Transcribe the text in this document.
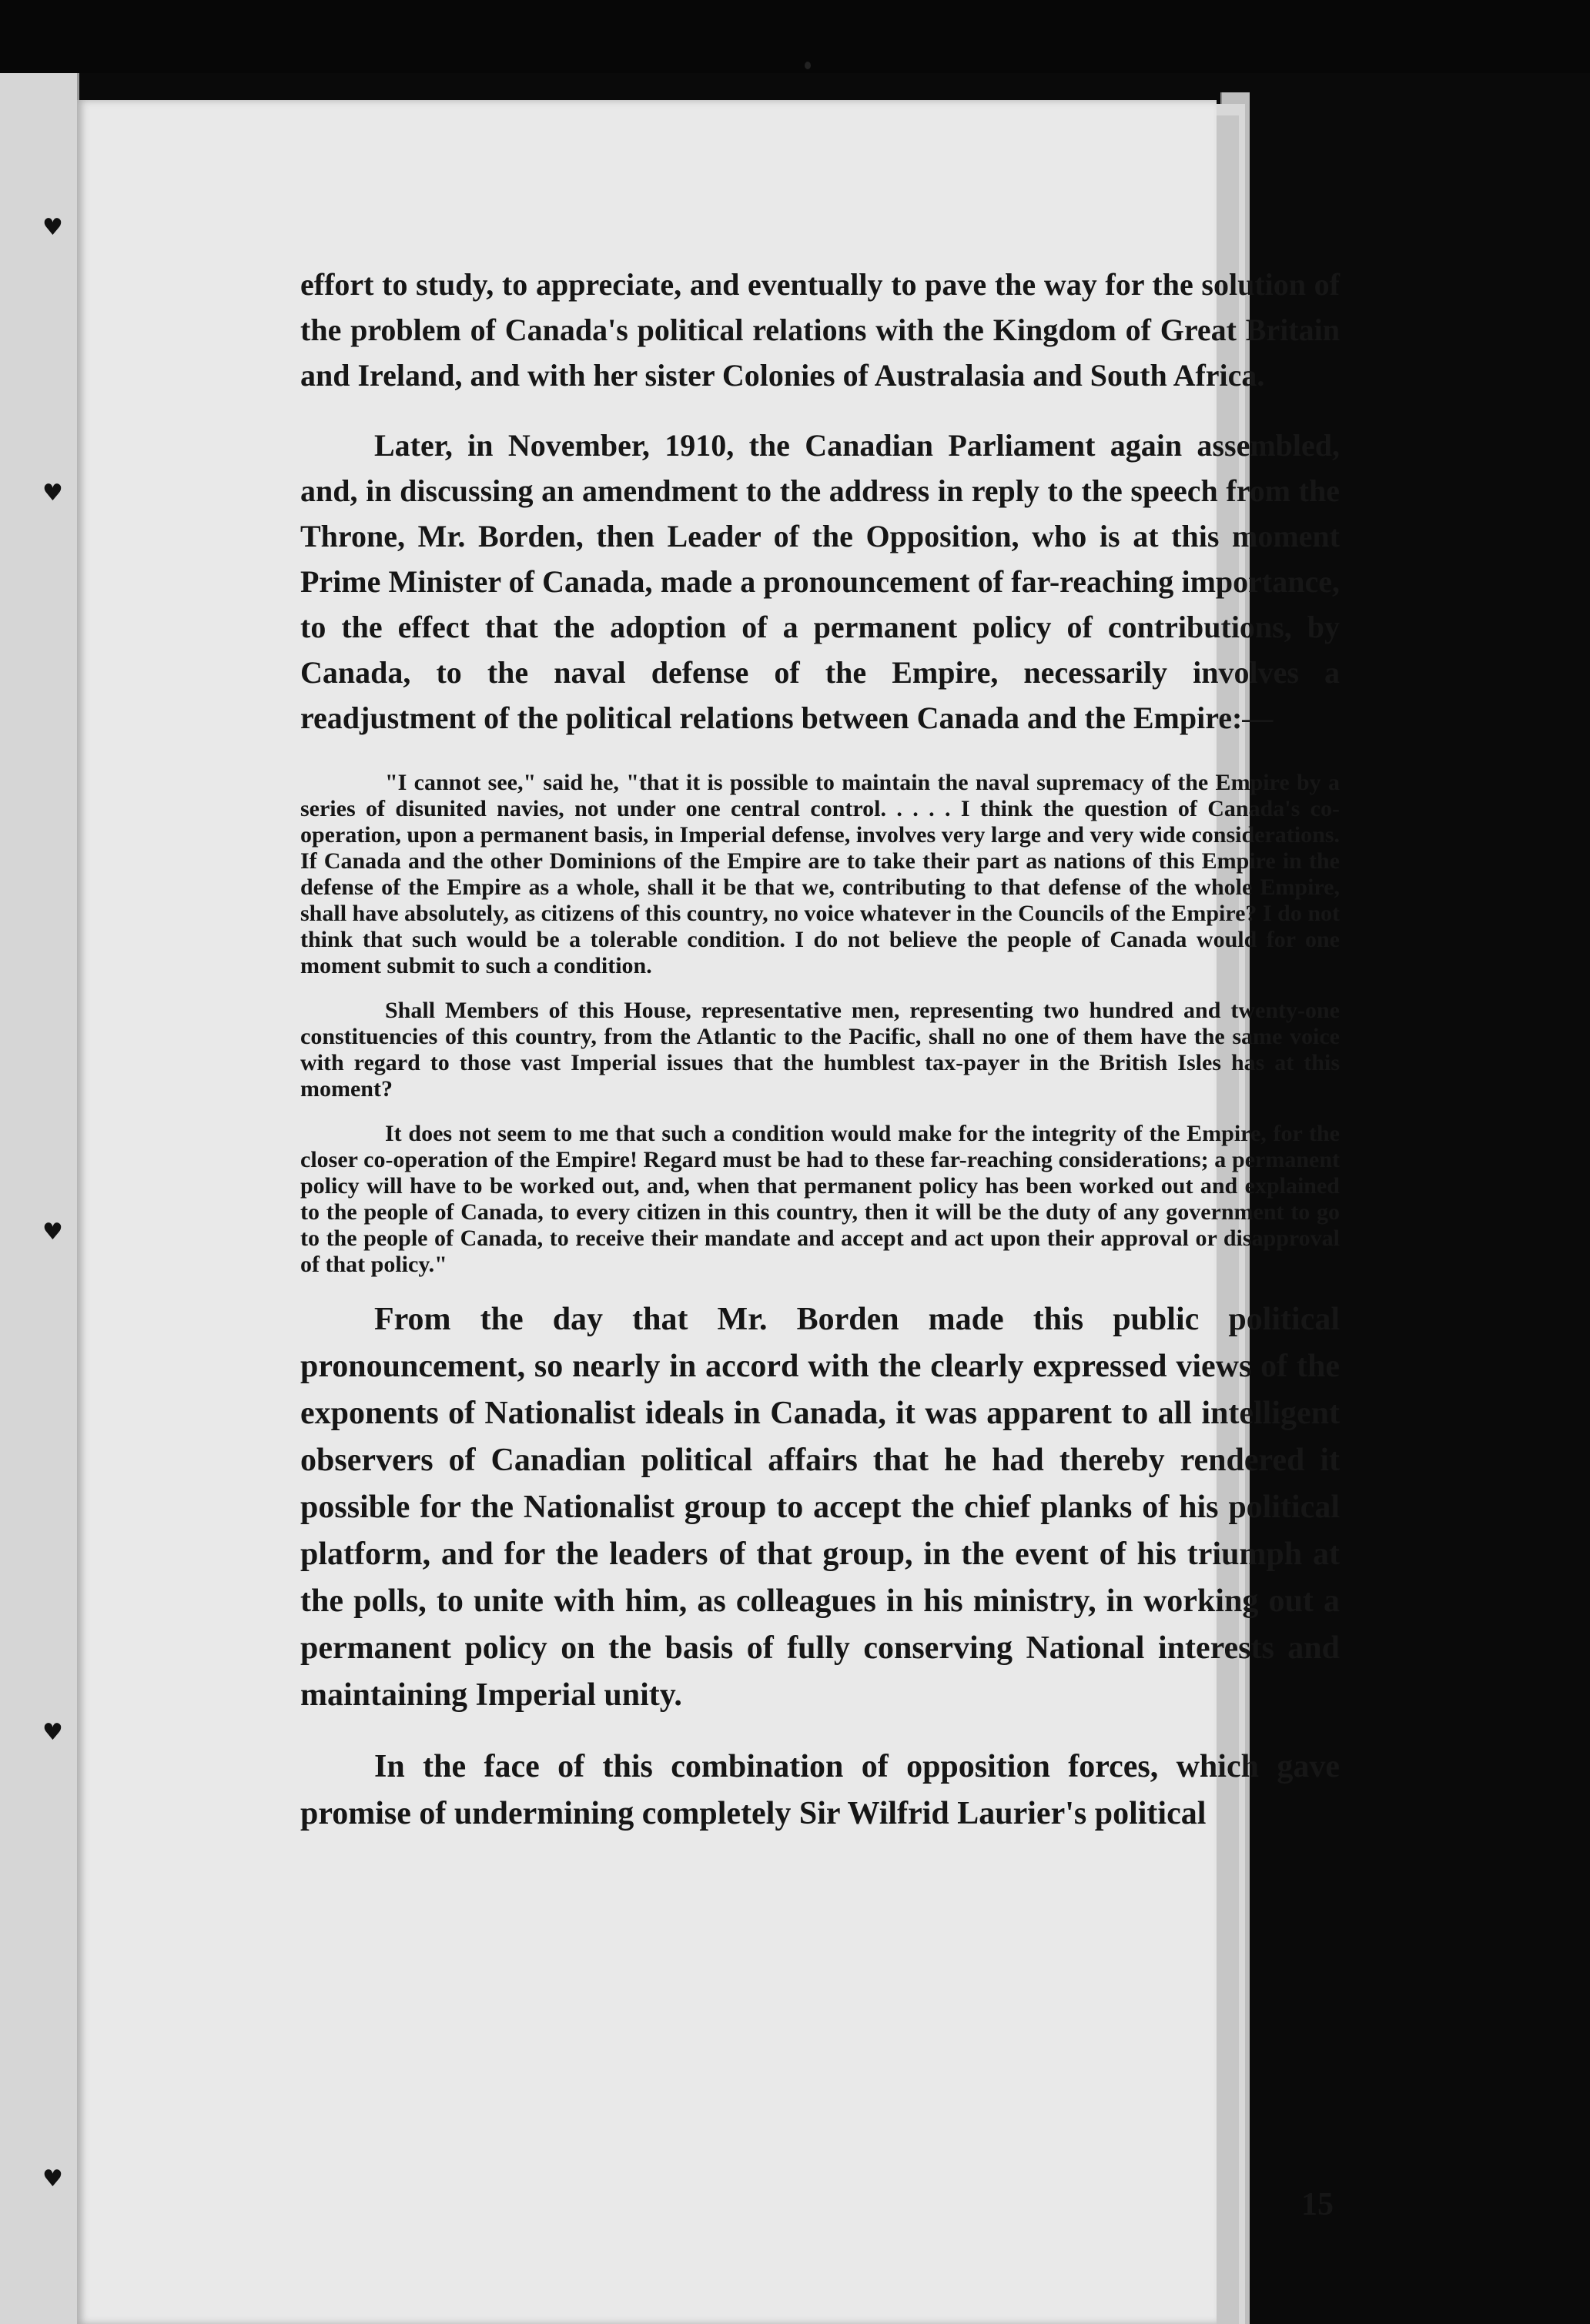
♥
♥
♥
♥
♥

effort to study, to appreciate, and eventually to pave the way for the solution of the problem of Canada's political relations with the Kingdom of Great Britain and Ireland, and with her sister Colonies of Australasia and South Africa.

Later, in November, 1910, the Canadian Parliament again assembled, and, in discussing an amendment to the address in reply to the speech from the Throne, Mr. Borden, then Leader of the Opposition, who is at this moment Prime Minister of Canada, made a pronouncement of far-reaching importance, to the effect that the adoption of a permanent policy of contributions, by Canada, to the naval defense of the Empire, necessarily involves a readjustment of the political relations between Canada and the Empire:—

"I cannot see," said he, "that it is possible to maintain the naval supremacy of the Empire by a series of disunited navies, not under one central control. . . . . I think the question of Canada's co-operation, upon a permanent basis, in Imperial defense, involves very large and very wide considerations. If Canada and the other Dominions of the Empire are to take their part as nations of this Empire in the defense of the Empire as a whole, shall it be that we, contributing to that defense of the whole Empire, shall have absolutely, as citizens of this country, no voice whatever in the Councils of the Empire? I do not think that such would be a tolerable condition. I do not believe the people of Canada would for one moment submit to such a condition.

Shall Members of this House, representative men, representing two hundred and twenty-one constituencies of this country, from the Atlantic to the Pacific, shall no one of them have the same voice with regard to those vast Imperial issues that the humblest tax-payer in the British Isles has at this moment?

It does not seem to me that such a condition would make for the integrity of the Empire, for the closer co-operation of the Empire! Regard must be had to these far-reaching considerations; a permanent policy will have to be worked out, and, when that permanent policy has been worked out and explained to the people of Canada, to every citizen in this country, then it will be the duty of any government to go to the people of Canada, to receive their mandate and accept and act upon their approval or disapproval of that policy."

From the day that Mr. Borden made this public political pronouncement, so nearly in accord with the clearly expressed views of the exponents of Nationalist ideals in Canada, it was apparent to all intelligent observers of Canadian political affairs that he had thereby rendered it possible for the Nationalist group to accept the chief planks of his political platform, and for the leaders of that group, in the event of his triumph at the polls, to unite with him, as colleagues in his ministry, in working out a permanent policy on the basis of fully conserving National interests and maintaining Imperial unity.

In the face of this combination of opposition forces, which gave promise of undermining completely Sir Wilfrid Laurier's political

15
